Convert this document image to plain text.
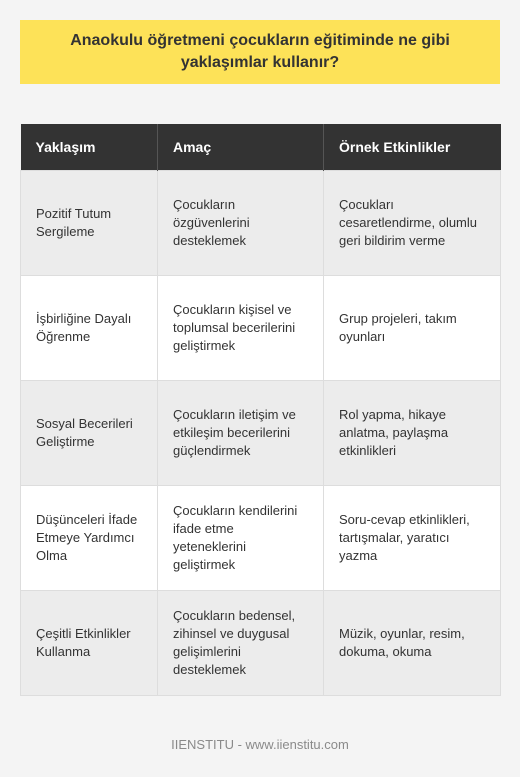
Anaokulu öğretmeni çocukların eğitiminde ne gibi yaklaşımlar kullanır?
Yaklaşım	Amaç	Örnek Etkinlikler
Pozitif Tutum Sergileme	Çocukların özgüvenlerini desteklemek	Çocukları cesaretlendirme, olumlu geri bildirim verme
İşbirliğine Dayalı Öğrenme	Çocukların kişisel ve toplumsal becerilerini geliştirmek	Grup projeleri, takım oyunları
Sosyal Becerileri Geliştirme	Çocukların iletişim ve etkileşim becerilerini güçlendirmek	Rol yapma, hikaye anlatma, paylaşma etkinlikleri
Düşünceleri İfade Etmeye Yardımcı Olma	Çocukların kendilerini ifade etme yeteneklerini geliştirmek	Soru-cevap etkinlikleri, tartışmalar, yaratıcı yazma
Çeşitli Etkinlikler Kullanma	Çocukların bedensel, zihinsel ve duygusal gelişimlerini desteklemek	Müzik, oyunlar, resim, dokuma, okuma
IIENSTITU - www.iienstitu.com
